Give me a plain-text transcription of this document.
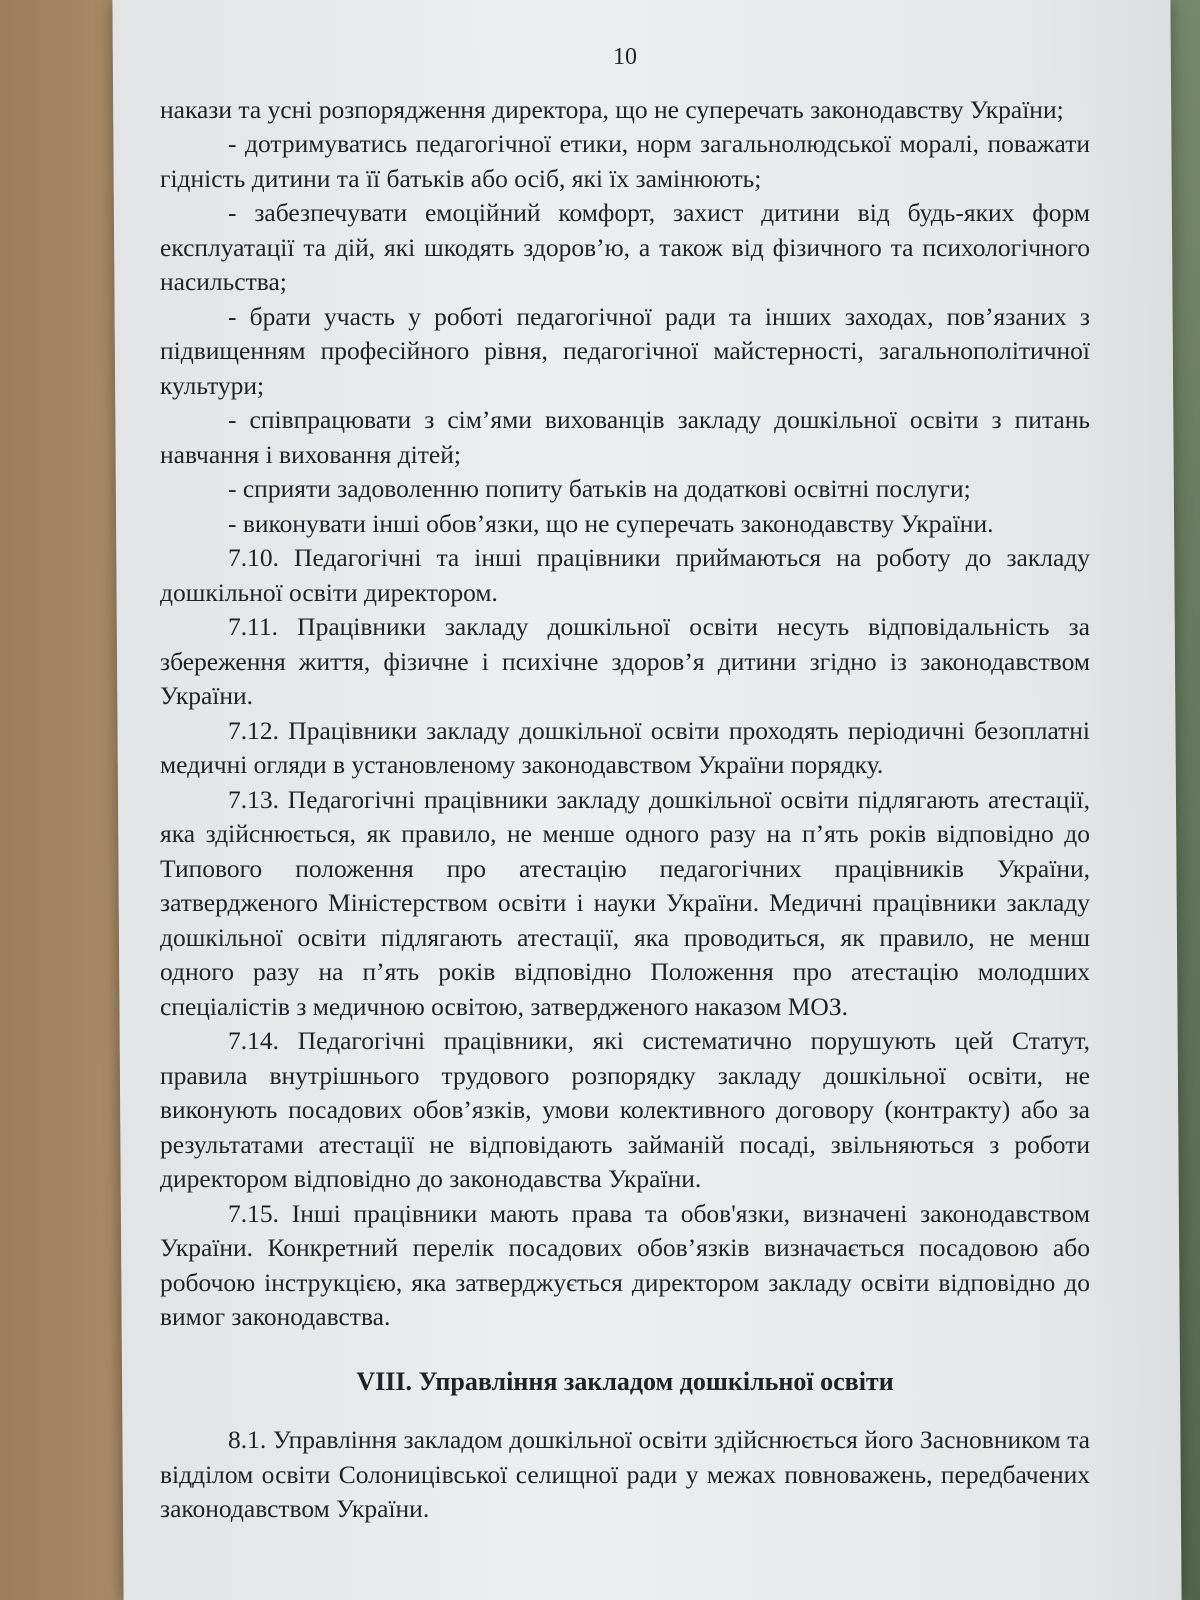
10

накази та усні розпорядження директора, що не суперечать законодавству України;

- дотримуватись педагогічної етики, норм загальнолюдської моралі, поважати гідність дитини та її батьків або осіб, які їх замінюють;

- забезпечувати емоційний комфорт, захист дитини від будь-яких форм експлуатації та дій, які шкодять здоров’ю, а також від фізичного та психологічного насильства;

- брати участь у роботі педагогічної ради та інших заходах, пов’язаних з підвищенням професійного рівня, педагогічної майстерності, загальнополітичної культури;

- співпрацювати з сім’ями вихованців закладу дошкільної освіти з питань навчання і виховання дітей;

- сприяти задоволенню попиту батьків на додаткові освітні послуги;

- виконувати інші обов’язки, що не суперечать законодавству України.

7.10. Педагогічні та інші працівники приймаються на роботу до закладу дошкільної освіти директором.

7.11. Працівники закладу дошкільної освіти несуть відповідальність за збереження життя, фізичне і психічне здоров’я дитини згідно із законодавством України.

7.12. Працівники закладу дошкільної освіти проходять періодичні безоплатні медичні огляди в установленому законодавством України порядку.

7.13. Педагогічні працівники закладу дошкільної освіти підлягають атестації, яка здійснюється, як правило, не менше одного разу на п’ять років відповідно до Типового положення про атестацію педагогічних працівників України, затвердженого Міністерством освіти і науки України. Медичні працівники закладу дошкільної освіти підлягають атестації, яка проводиться, як правило, не менш одного разу на п’ять років відповідно Положення про атестацію молодших спеціалістів з медичною освітою, затвердженого наказом МОЗ.

7.14. Педагогічні працівники, які систематично порушують цей Статут, правила внутрішнього трудового розпорядку закладу дошкільної освіти, не виконують посадових обов’язків, умови колективного договору (контракту) або за результатами атестації не відповідають займаній посаді, звільняються з роботи директором відповідно до законодавства України.

7.15. Інші працівники мають права та обов'язки, визначені законодавством України. Конкретний перелік посадових обов’язків визначається посадовою або робочою інструкцією, яка затверджується директором закладу освіти відповідно до вимог законодавства.

VIII. Управління закладом дошкільної освіти

8.1. Управління закладом дошкільної освіти здійснюється його Засновником та відділом освіти Солоницівської селищної ради у межах повноважень, передбачених законодавством України.
